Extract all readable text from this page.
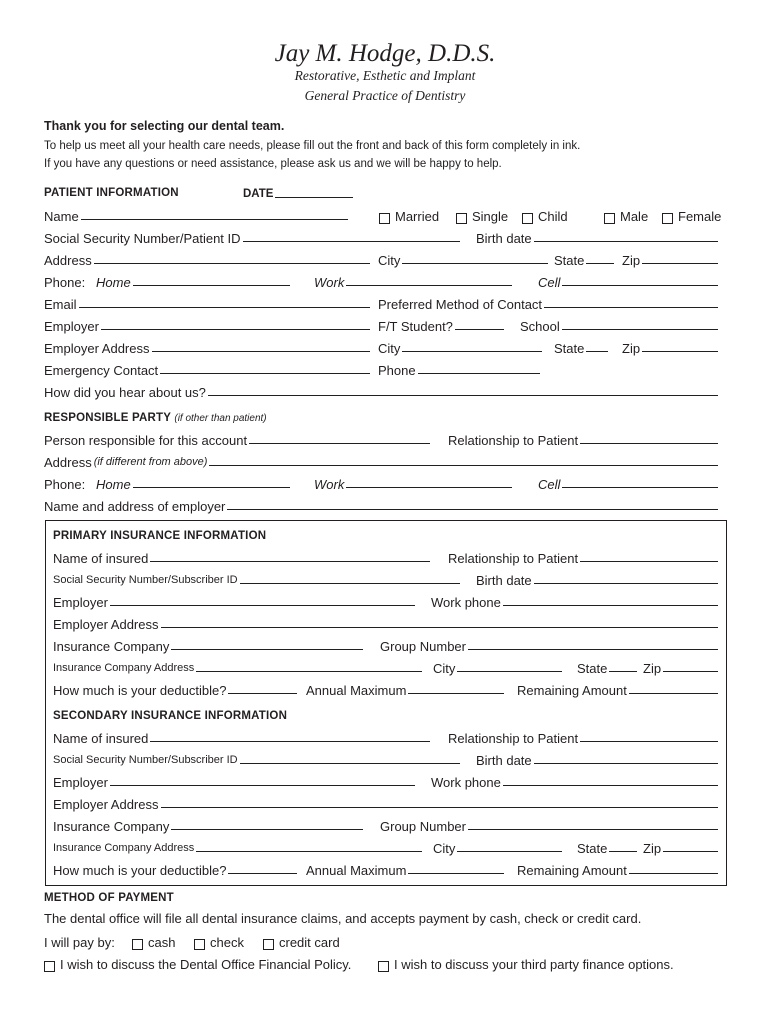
Jay M. Hodge, D.D.S.
Restorative, Esthetic and Implant
General Practice of Dentistry
Thank you for selecting our dental team.
To help us meet all your health care needs, please fill out the front and back of this form completely in ink.
If you have any questions or need assistance, please ask us and we will be happy to help.
PATIENT INFORMATION	DATE
Name	Married	Single Child	Male Female
Social Security Number/Patient ID	Birth date
Address	City	State	Zip
Phone: Home	Work	Cell
Email	Preferred Method of Contact
Employer	F/T Student?	School
Employer Address	City	State	Zip
Emergency Contact	Phone
How did you hear about us?
RESPONSIBLE PARTY (if other than patient)
Person responsible for this account	Relationship to Patient
Address (if different from above)
Phone: Home	Work	Cell
Name and address of employer
PRIMARY INSURANCE INFORMATION
Name of insured	Relationship to Patient
Social Security Number/Subscriber ID	Birth date
Employer	Work phone
Employer Address
Insurance Company	Group Number
Insurance Company Address	City	State	Zip
How much is your deductible?	Annual Maximum	Remaining Amount
SECONDARY INSURANCE INFORMATION
Name of insured	Relationship to Patient
Social Security Number/Subscriber ID	Birth date
Employer	Work phone
Employer Address
Insurance Company	Group Number
Insurance Company Address	City	State	Zip
How much is your deductible?	Annual Maximum	Remaining Amount
METHOD OF PAYMENT
The dental office will file all dental insurance claims, and accepts payment by cash, check or credit card.
I will pay by:	cash	check	credit card
I wish to discuss the Dental Office Financial Policy.	I wish to discuss your third party finance options.
